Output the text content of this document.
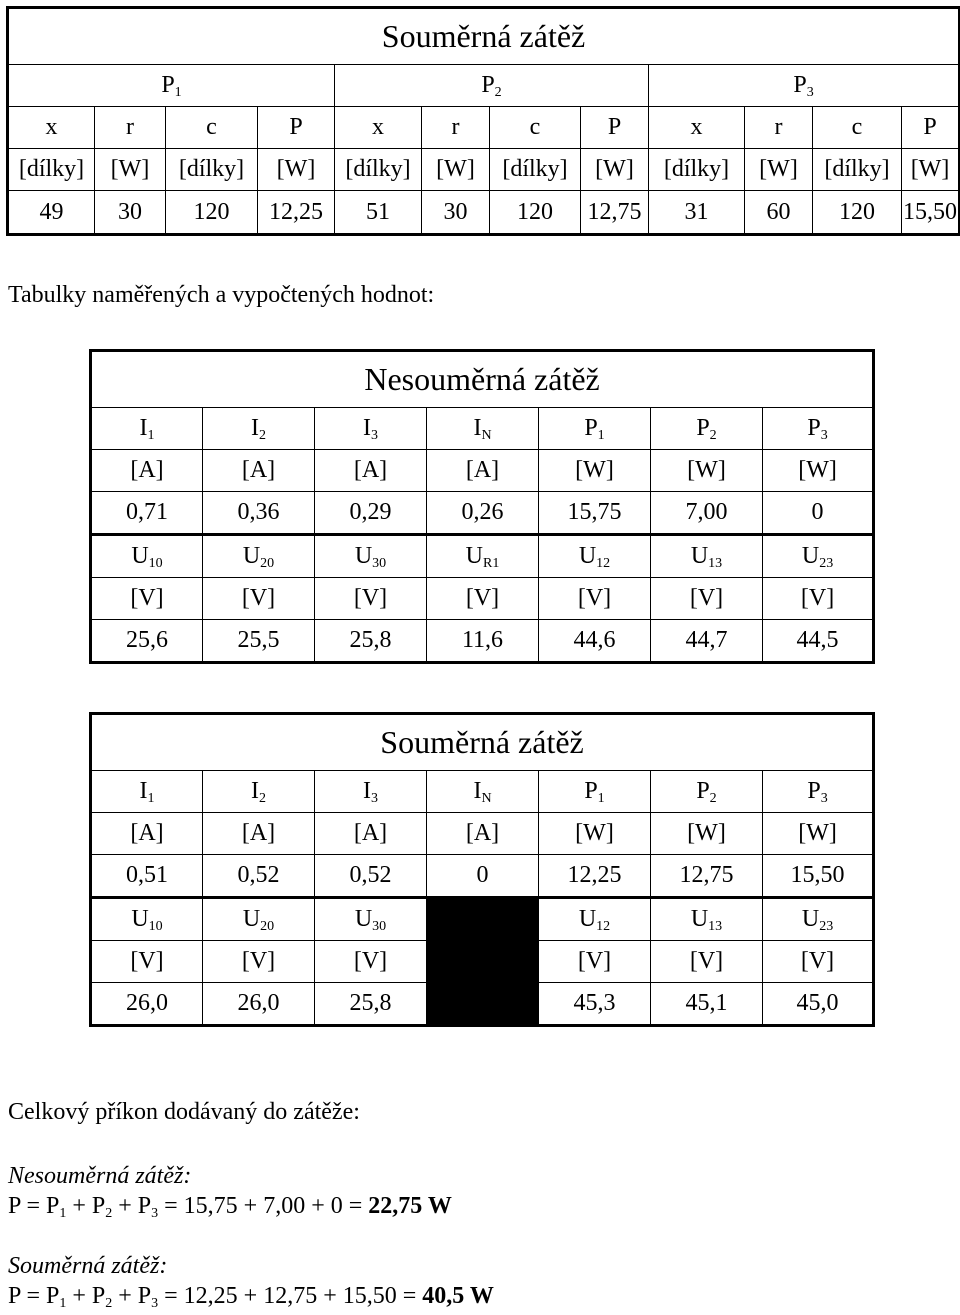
Souměrná zátěž											
$P_1$				$P_2$				$P_3$
x	r	c	P	x	r	c	P	x	r	c	P
[dílky]	[W]	[dílky]	[W]	[dílky]	[W]	[dílky]	[W]	[dílky]	[W]	[dílky]	[W]
49	30	120	12,25	51	30	120	12,75	31	60	120	15,50
Tabulky naměřených a vypočtených hodnot:
Nesouměrná zátěž						
$I_1$	$I_2$	$I_3$	$I_N$	$P_1$	$P_2$	$P_3$
[A]	[A]	[A]	[A]	[W]	[W]	[W]
0,71	0,36	0,29	0,26	15,75	7,00	0
$U_{10}$	$U_{20}$	$U_{30}$	$U_{R1}$	$U_{12}$	$U_{13}$	$U_{23}$
[V]	[V]	[V]	[V]	[V]	[V]	[V]
25,6	25,5	25,8	11,6	44,6	44,7	44,5
Souměrná zátěž						
$I_1$	$I_2$	$I_3$	$I_N$	$P_1$	$P_2$	$P_3$
[A]	[A]	[A]	[A]	[W]	[W]	[W]
0,51	0,52	0,52	0	12,25	12,75	15,50
$U_{10}$	$U_{20}$	$U_{30}$		$U_{12}$	$U_{13}$	$U_{23}$
[V]	[V]	[V]		[V]	[V]	[V]
26,0	26,0	25,8		45,3	45,1	45,0
Celkový příkon dodávaný do zátěže:
Nesouměrná zátěž:
$P = P_1 + P_2 + P_3 = 15,75 + 7,00 + 0 = 22,75$ W
Souměrná zátěž:
$P = P_1 + P_2 + P_3 = 12,25 + 12,75 + 15,50 = 40,5$ W
